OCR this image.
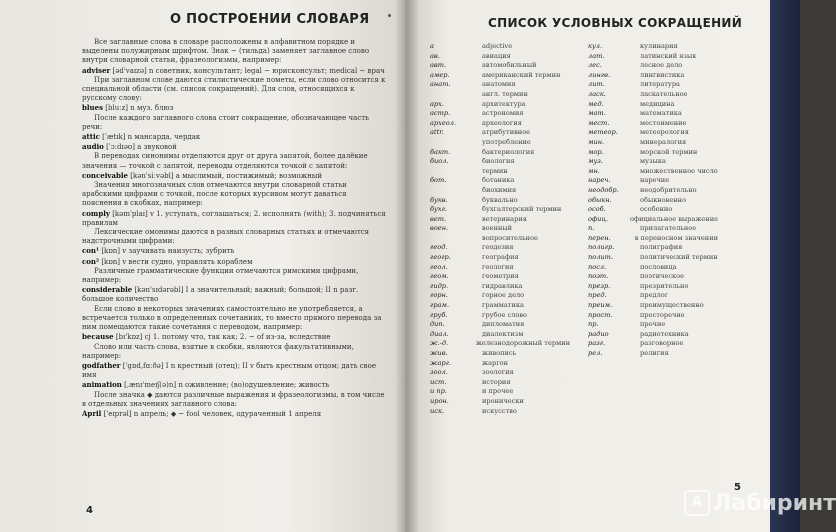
О ПОСТРОЕНИИ СЛОВАРЯ

Все заглавные слова в словаре расположены в алфавитном порядке и выделены полужирным шрифтом. Знак ~ (тильда) заменяет заглавное слово внутри словарной статьи, фразеологизмы, например:

adviser [əd'vaɪzə] n советник, консультант; legal ~ юрисконсульт; medical ~ врач

При заглавном слове даются стилистические пометы, если слово относится к специальной области (см. список сокращений). Для слов, относящихся к русскому слову:

blues [bluːz] n муз. блюз

После каждого заглавного слова стоит сокращение, обозначающее часть речи:

attic [ˈætɪk] n мансарда, чердак

audio [ˈɔːdɪəʊ] a звуковой

В переводах синонимы отделяются друг от друга запятой, более далёкие значения — точкой с запятой, переводы отделяются точкой с запятой:

conceivable [kən'siːvəbl] a мыслимый, постижимый; возможный

Значения многозначных слов отмечаются внутри словарной статьи арабскими цифрами с точкой, после которых курсивом могут даваться пояснения в скобках, например:

comply [kəm'plaɪ] v 1. уступать, соглашаться; 2. исполнять (with); 3. подчиняться правилам

Лексические омонимы даются в разных словарных статьях и отмечаются надстрочными цифрами:

con¹ [kɒn] v заучивать наизусть; зубрить

con² [kɒn] v вести судно, управлять кораблем

Различные грамматические функции отмечаются римскими цифрами, например:

considerable [kən'sɪdərəbl] I a значительный; важный; большой; II n разг. большое количество

Если слово в некоторых значениях самостоятельно не употребляется, а встречается только в определенных сочетаниях, то вместо прямого перевода за ним помещаются такие сочетания с переводом, например:

because [bɪ'kɒz] cj 1. потому что, так как; 2. ~ of из-за, вследствие

Слово или часть слова, взятые в скобки, являются факультативными, например:

godfather ['gɒd,fɑːðə] I n крестный (отец); II v быть крестным отцом; дать свое имя

animation [,ænɪ'meɪʃ(ə)n] n оживление; (во)одушевление; живость

После значка ◆ даются различные выражения и фразеологизмы, в том числе в отдельных значениях заглавного слова:

April ['eɪprəl] n апрель; ◆ ~ fool человек, одураченный 1 апреля

4
СПИСОК УСЛОВНЫХ СОКРАЩЕНИЙ
a	adjective
ав.	авиация
авт.	автомобильный
амер.	американский термин
анат.	анатомия
англ. термин
арх.	архитектура
астр.	астрономия
археол.	археология
attr.	атрибутивное
употребление
бакт.	бактериология
биол.	биология
термин
бот.	ботаника
биохимия
букв.	буквально
бухг.	бухгалтерский термин
вет.	ветеринария
воен.	военный
вопросительное
геод.	геодезия
геогр.	география
геол.	геология
геом.	геометрия
гидр.	гидравлика
горн.	горное дело
грам.	грамматика
груб.	грубое слово
дип.	дипломатия
диал.	диалектизм
ж.-д.	железнодорожный термин
жив.	живопись
жарг.	жаргон
зоол.	зоология
ист.	история
и пр.	и прочее
ирон.	иронически
иск.	искусство
кул.	кулинария
лат.	латинский язык
лес.	лесное дело
лингв.	лингвистика
лит.	литература
ласк.	ласкательное
мед.	медицина
мат.	математика
мест.	местоимение
метеор.	метеорология
мин.	минералогия
мор.	морской термин
муз.	музыка
мн.	множественное число
нареч.	наречие
неодобр.	неодобрительно
обыкн.	обыкновенно
особ.	особенно
офиц.	официальное выражение
п.	прилагательное
перен.	в переносном значении
полигр.	полиграфия
полит.	политический термин
посл.	пословица
поэт.	поэтическое
презр.	презрительно
пред.	предлог
преим.	преимущественно
прост.	просторечие
пр.	прочие
радио	радиотехника
разг.	разговорное
рел.	религия
5
A Лабиринт
